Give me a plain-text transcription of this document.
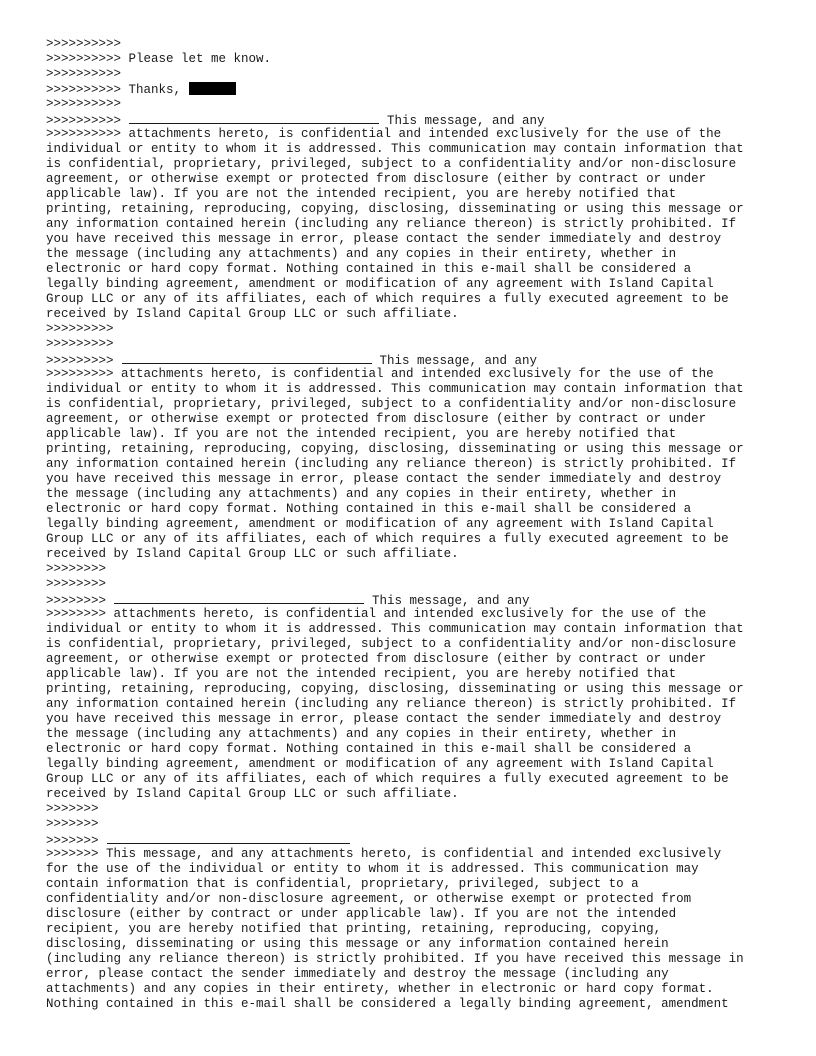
>>>>>>>>>>
>>>>>>>>>> Please let me know.
>>>>>>>>>>
>>>>>>>>>> Thanks,
>>>>>>>>>>
>>>>>>>>>>	This message, and any
>>>>>>>>>> attachments hereto, is confidential and intended exclusively for the use of the
individual or entity to whom it is addressed. This communication may contain information that
is confidential, proprietary, privileged, subject to a confidentiality and/or non-disclosure
agreement, or otherwise exempt or protected from disclosure (either by contract or under
applicable law). If you are not the intended recipient, you are hereby notified that
printing, retaining, reproducing, copying, disclosing, disseminating or using this message or
any information contained herein (including any reliance thereon) is strictly prohibited. If
you have received this message in error, please contact the sender immediately and destroy
the message (including any attachments) and any copies in their entirety, whether in
electronic or hard copy format. Nothing contained in this e-mail shall be considered a
legally binding agreement, amendment or modification of any agreement with Island Capital
Group LLC or any of its affiliates, each of which requires a fully executed agreement to be
received by Island Capital Group LLC or such affiliate.
>>>>>>>>>
>>>>>>>>>
>>>>>>>>>	This message, and any
>>>>>>>>> attachments hereto, is confidential and intended exclusively for the use of the
individual or entity to whom it is addressed. This communication may contain information that
is confidential, proprietary, privileged, subject to a confidentiality and/or non-disclosure
agreement, or otherwise exempt or protected from disclosure (either by contract or under
applicable law). If you are not the intended recipient, you are hereby notified that
printing, retaining, reproducing, copying, disclosing, disseminating or using this message or
any information contained herein (including any reliance thereon) is strictly prohibited. If
you have received this message in error, please contact the sender immediately and destroy
the message (including any attachments) and any copies in their entirety, whether in
electronic or hard copy format. Nothing contained in this e-mail shall be considered a
legally binding agreement, amendment or modification of any agreement with Island Capital
Group LLC or any of its affiliates, each of which requires a fully executed agreement to be
received by Island Capital Group LLC or such affiliate.
>>>>>>>>
>>>>>>>>
>>>>>>>>	This message, and any
>>>>>>>> attachments hereto, is confidential and intended exclusively for the use of the
individual or entity to whom it is addressed. This communication may contain information that
is confidential, proprietary, privileged, subject to a confidentiality and/or non-disclosure
agreement, or otherwise exempt or protected from disclosure (either by contract or under
applicable law). If you are not the intended recipient, you are hereby notified that
printing, retaining, reproducing, copying, disclosing, disseminating or using this message or
any information contained herein (including any reliance thereon) is strictly prohibited. If
you have received this message in error, please contact the sender immediately and destroy
the message (including any attachments) and any copies in their entirety, whether in
electronic or hard copy format. Nothing contained in this e-mail shall be considered a
legally binding agreement, amendment or modification of any agreement with Island Capital
Group LLC or any of its affiliates, each of which requires a fully executed agreement to be
received by Island Capital Group LLC or such affiliate.
>>>>>>>
>>>>>>>
>>>>>>>
>>>>>>> This message, and any attachments hereto, is confidential and intended exclusively
for the use of the individual or entity to whom it is addressed. This communication may
contain information that is confidential, proprietary, privileged, subject to a
confidentiality and/or non-disclosure agreement, or otherwise exempt or protected from
disclosure (either by contract or under applicable law). If you are not the intended
recipient, you are hereby notified that printing, retaining, reproducing, copying,
disclosing, disseminating or using this message or any information contained herein
(including any reliance thereon) is strictly prohibited. If you have received this message in
error, please contact the sender immediately and destroy the message (including any
attachments) and any copies in their entirety, whether in electronic or hard copy format.
Nothing contained in this e-mail shall be considered a legally binding agreement, amendment
